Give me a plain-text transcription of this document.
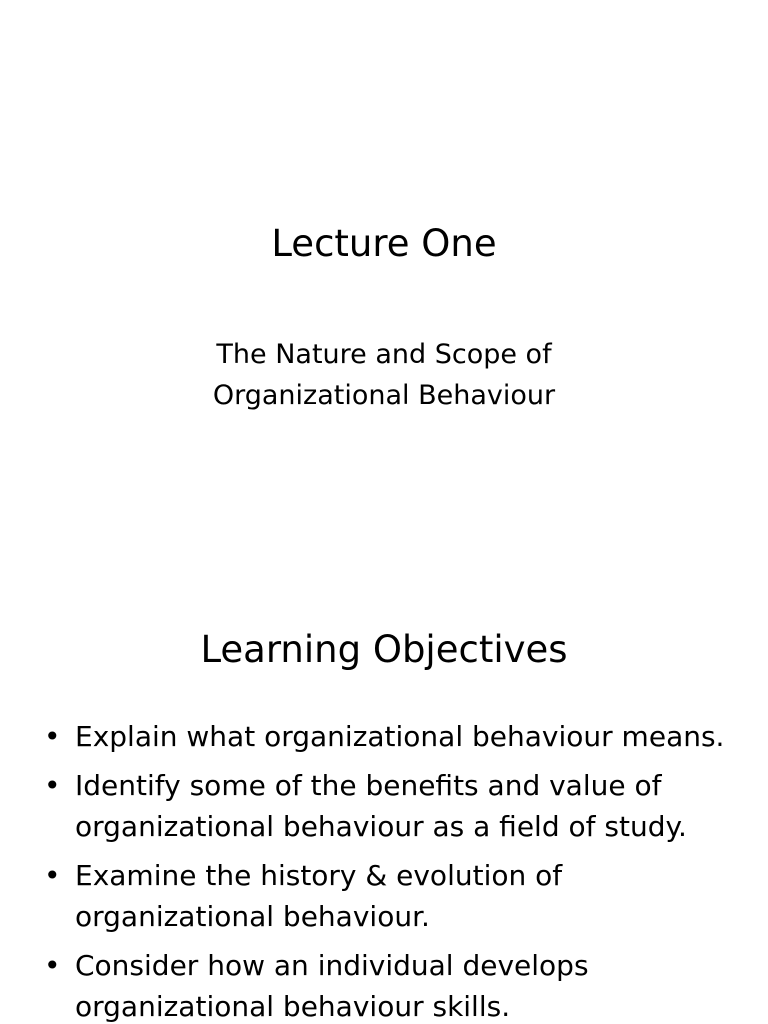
Lecture One
The Nature and Scope of
Organizational Behaviour
Learning Objectives
• Explain what organizational behaviour means.
• Identify some of the benefits and value of
organizational behaviour as a field of study.
• Examine the history & evolution of
organizational behaviour.
• Consider how an individual develops
organizational behaviour skills.
